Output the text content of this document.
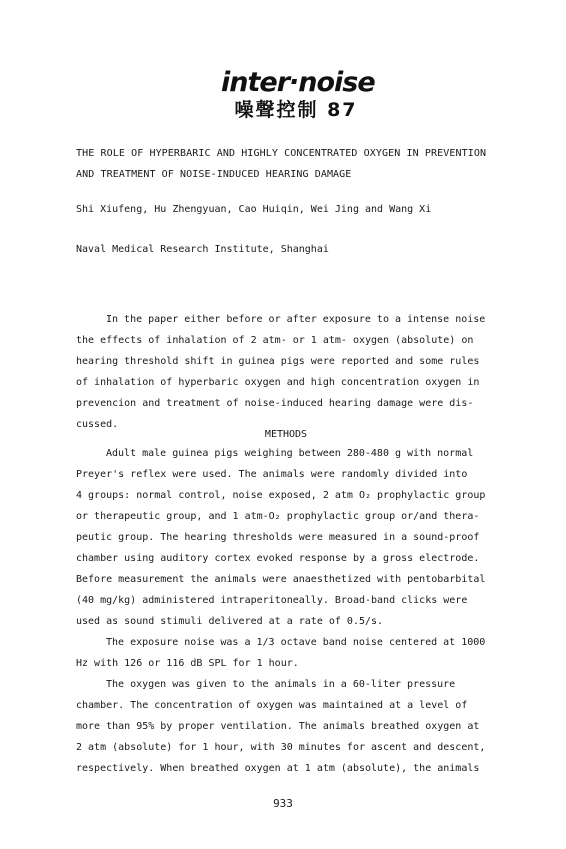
inter·noise
噪聲控制 87
THE ROLE OF HYPERBARIC AND HIGHLY CONCENTRATED OXYGEN IN PREVENTION
AND TREATMENT OF NOISE-INDUCED HEARING DAMAGE
Shi Xiufeng, Hu Zhengyuan, Cao Huiqin, Wei Jing and Wang Xi
Naval Medical Research Institute, Shanghai
In the paper either before or after exposure to a intense noise
the effects of inhalation of 2 atm- or 1 atm- oxygen (absolute) on
hearing threshold shift in guinea pigs were reported and some rules
of inhalation of hyperbaric oxygen and high concentration oxygen in
prevencion and treatment of noise-induced hearing damage were dis-
cussed.
METHODS
Adult male guinea pigs weighing between 280-480 g with normal
Preyer's reflex were used. The animals were randomly divided into
4 groups: normal control, noise exposed, 2 atm O₂ prophylactic group
or therapeutic group, and 1 atm-O₂ prophylactic group or/and thera-
peutic group. The hearing thresholds were measured in a sound-proof
chamber using auditory cortex evoked response by a gross electrode.
Before measurement the animals were anaesthetized with pentobarbital
(40 mg/kg) administered intraperitoneally. Broad-band clicks were
used as sound stimuli delivered at a rate of 0.5/s.
The exposure noise was a 1/3 octave band noise centered at 1000
Hz with 126 or 116 dB SPL for 1 hour.
The oxygen was given to the animals in a 60-liter pressure
chamber. The concentration of oxygen was maintained at a level of
more than 95% by proper ventilation. The animals breathed oxygen at
2 atm (absolute) for 1 hour, with 30 minutes for ascent and descent,
respectively. When breathed oxygen at 1 atm (absolute), the animals
933
